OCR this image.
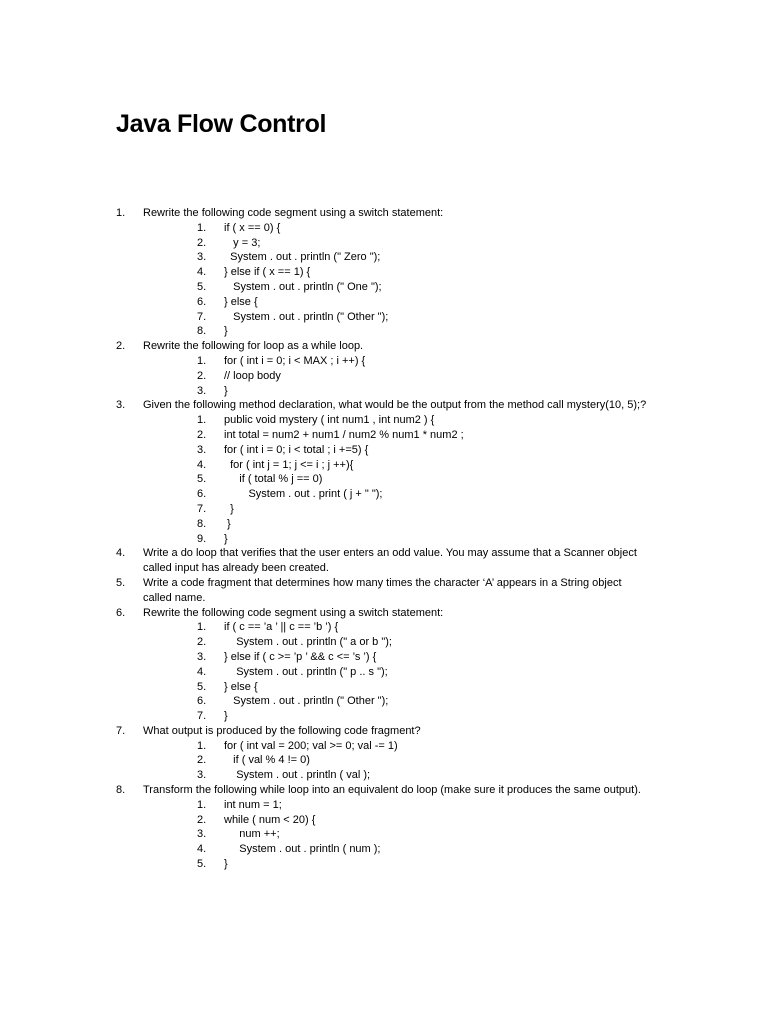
Java Flow Control
1. Rewrite the following code segment using a switch statement:
1. if ( x == 0) {
2. y = 3;
3. System . out . println (" Zero ");
4. } else if ( x == 1) {
5. System . out . println (" One ");
6. } else {
7. System . out . println (" Other ");
8. }
2. Rewrite the following for loop as a while loop.
1. for ( int i = 0; i < MAX ; i ++) {
2. // loop body
3. }
3. Given the following method declaration, what would be the output from the method call mystery(10, 5);?
1. public void mystery ( int num1 , int num2 ) {
2. int total = num2 + num1 / num2 % num1 * num2 ;
3. for ( int i = 0; i < total ; i +=5) {
4. for ( int j = 1; j <= i ; j ++){
5. if ( total % j == 0)
6. System . out . print ( j + " ");
7. }
8. }
9. }
4. Write a do loop that verifies that the user enters an odd value. You may assume that a Scanner object called input has already been created.
5. Write a code fragment that determines how many times the character ‘A’ appears in a String object called name.
6. Rewrite the following code segment using a switch statement:
1. if ( c == ’a ’ || c == ’b ’) {
2. System . out . println (" a or b ");
3. } else if ( c >= ’p ’ && c <= ’s ’) {
4. System . out . println (" p .. s ");
5. } else {
6. System . out . println (" Other ");
7. }
7. What output is produced by the following code fragment?
1. for ( int val = 200; val >= 0; val -= 1)
2. if ( val % 4 != 0)
3. System . out . println ( val );
8. Transform the following while loop into an equivalent do loop (make sure it produces the same output).
1. int num = 1;
2. while ( num < 20) {
3. num ++;
4. System . out . println ( num );
5. }
